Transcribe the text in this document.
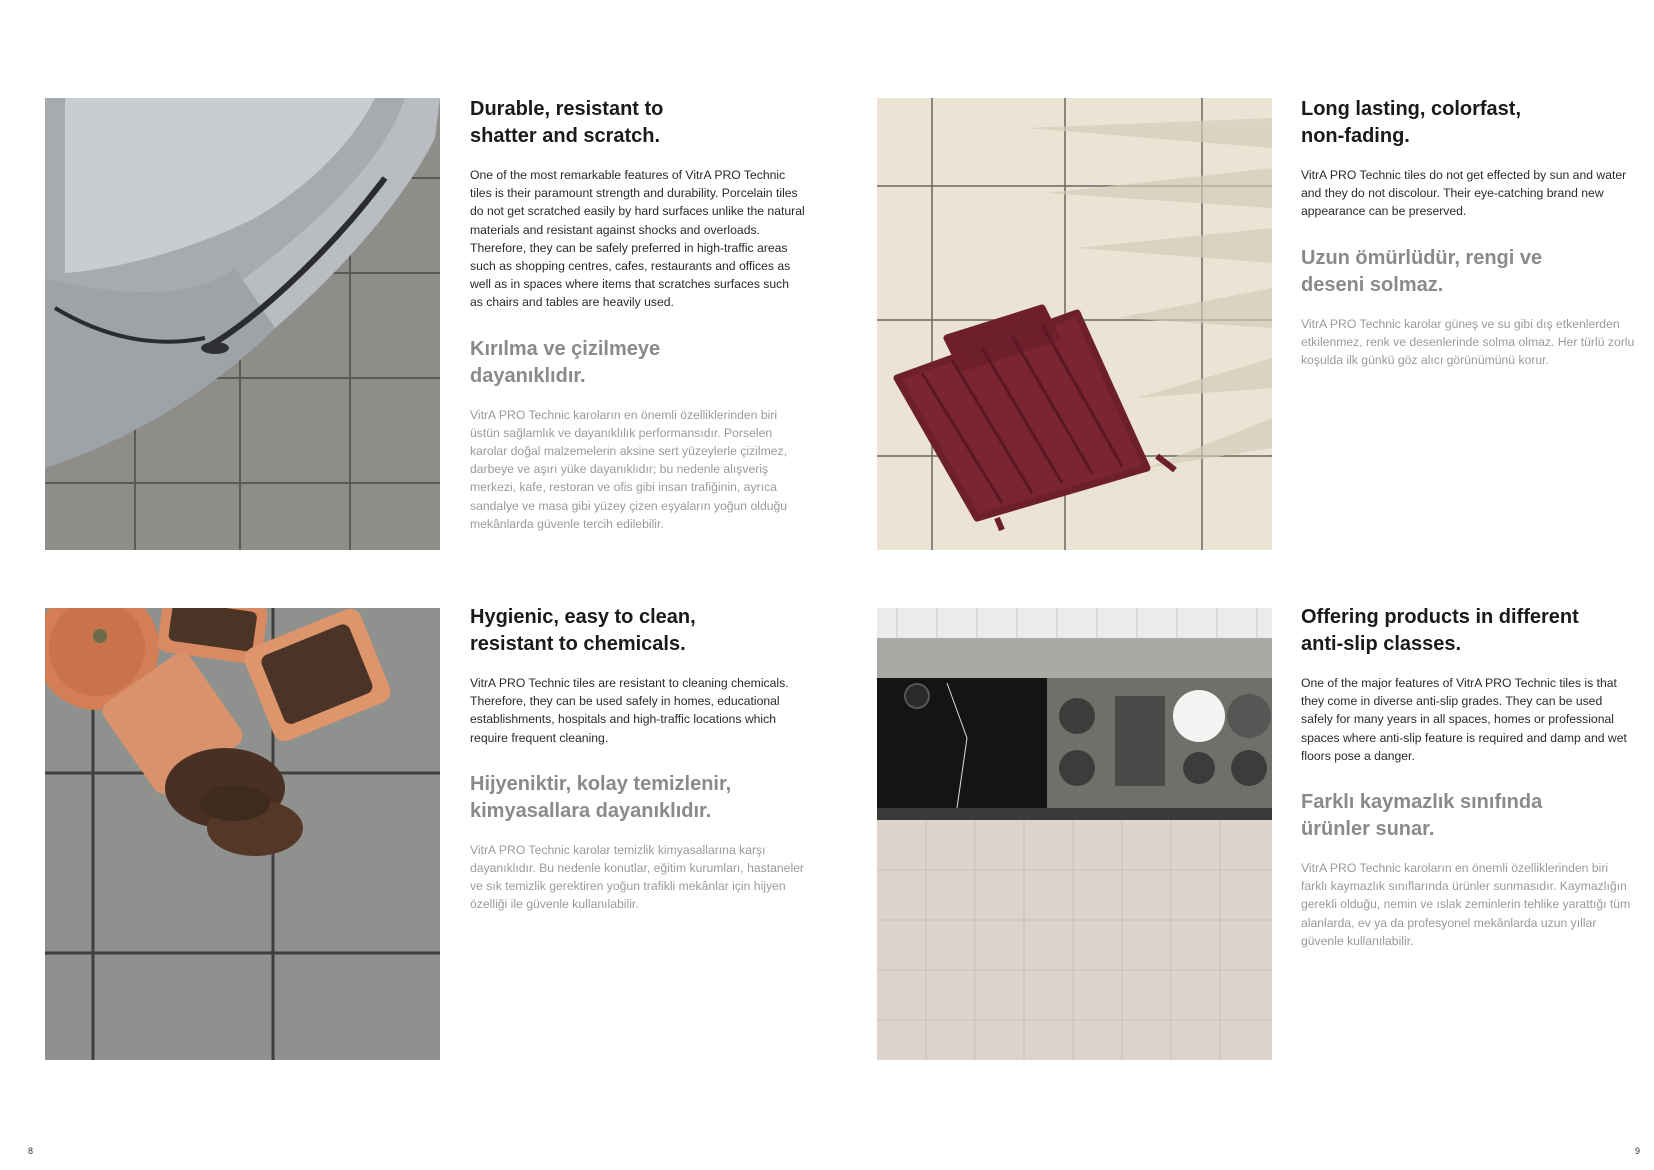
Durable, resistant to
shatter and scratch.

One of the most remarkable features of VitrA PRO Technic tiles is their paramount strength and durability. Porcelain tiles do not get scratched easily by hard surfaces unlike the natural materials and resistant against shocks and overloads. Therefore, they can be safely preferred in high-traffic areas such as shopping centres, cafes, restaurants and offices as well as in spaces where items that scratches surfaces such as chairs and tables are heavily used.

Kırılma ve çizilmeye
dayanıklıdır.

VitrA PRO Technic karoların en önemli özelliklerinden biri üstün sağlamlık ve dayanıklılık performansıdır. Porselen karolar doğal malzemelerin aksine sert yüzeylerle çizilmez, darbeye ve aşırı yüke dayanıklıdır; bu nedenle alışveriş merkezi, kafe, restoran ve ofis gibi insan trafiğinin, ayrıca sandalye ve masa gibi yüzey çizen eşyaların yoğun olduğu mekânlarda güvenle tercih edilebilir.

Hygienic, easy to clean,
resistant to chemicals.

VitrA PRO Technic tiles are resistant to cleaning chemicals. Therefore, they can be used safely in homes, educational establishments, hospitals and high-traffic locations which require frequent cleaning.

Hijyeniktir, kolay temizlenir,
kimyasallara dayanıklıdır.

VitrA PRO Technic karolar temizlik kimyasallarına karşı dayanıklıdır. Bu nedenle konutlar, eğitim kurumları, hastaneler ve sık temizlik gerektiren yoğun trafikli mekânlar için hijyen özelliği ile güvenle kullanılabilir.

8
Long lasting, colorfast,
non-fading.

VitrA PRO Technic tiles do not get effected by sun and water and they do not discolour. Their eye-catching brand new appearance can be preserved.

Uzun ömürlüdür, rengi ve
deseni solmaz.

VitrA PRO Technic karolar güneş ve su gibi dış etkenlerden etkilenmez, renk ve desenlerinde solma olmaz. Her türlü zorlu koşulda ilk günkü göz alıcı görünümünü korur.

Offering products in different
anti-slip classes.

One of the major features of VitrA PRO Technic tiles is that they come in diverse anti-slip grades. They can be used safely for many years in all spaces, homes or professional spaces where anti-slip feature is required and damp and wet floors pose a danger.

Farklı kaymazlık sınıfında
ürünler sunar.

VitrA PRO Technic karoların en önemli özelliklerinden biri farklı kaymazlık sınıflarında ürünler sunmasıdır. Kaymazlığın gerekli olduğu, nemin ve ıslak zeminlerin tehlike yarattığı tüm alanlarda, ev ya da profesyonel mekânlarda uzun yıllar güvenle kullanılabilir.

9
